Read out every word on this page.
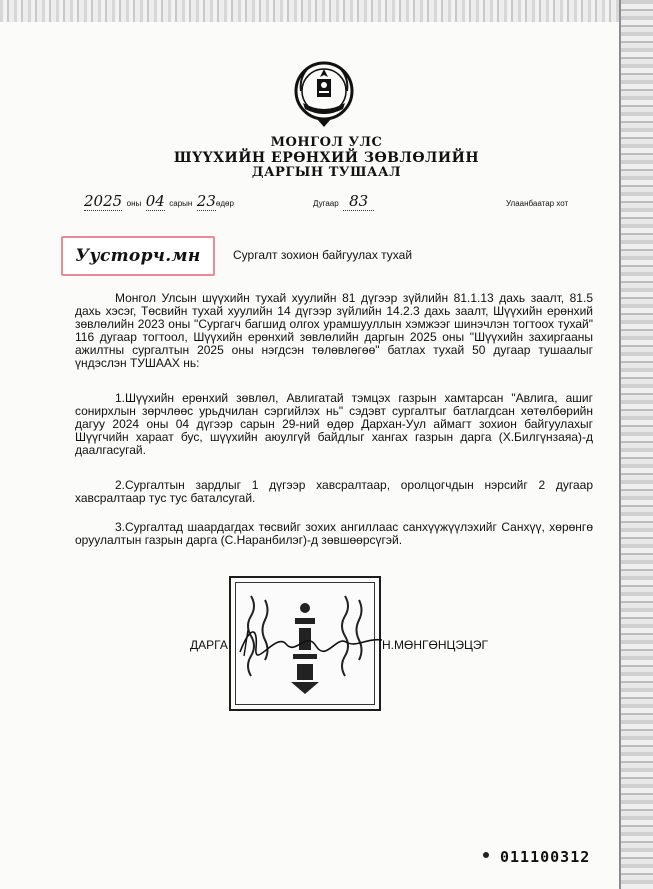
МОНГОЛ УЛС
ШҮҮХИЙН ЕРӨНХИЙ ЗӨВЛӨЛИЙН
ДАРГЫН ТУШААЛ
2025 оны 04 сарын 23өдөр	Дугаар 83	Улаанбаатар хот
Уусторч.мн	Сургалт зохион байгуулах тухай
Монгол Улсын шүүхийн тухай хуулийн 81 дүгээр зүйлийн 81.1.13 дахь заалт, 81.5 дахь хэсэг, Төсвийн тухай хуулийн 14 дүгээр зүйлийн 14.2.3 дахь заалт, Шүүхийн ерөнхий зөвлөлийн 2023 оны "Сургагч багшид олгох урамшууллын хэмжээг шинэчлэн тогтоох тухай" 116 дугаар тогтоол, Шүүхийн ерөнхий зөвлөлийн даргын 2025 оны "Шүүхийн захиргааны ажилтны сургалтын 2025 оны нэгдсэн төлөвлөгөө" батлах тухай 50 дугаар тушаалыг үндэслэн ТУШААХ нь:
1.Шүүхийн ерөнхий зөвлөл, Авлигатай тэмцэх газрын хамтарсан "Авлига, ашиг сонирхлын зөрчлөөс урьдчилан сэргийлэх нь" сэдэвт сургалтыг батлагдсан хөтөлбөрийн дагуу 2024 оны 04 дүгээр сарын 29-ний өдөр Дархан-Уул аймагт зохион байгуулахыг Шүүгчийн хараат бус, шүүхийн аюулгүй байдлыг хангах газрын дарга (Х.Билгүнзаяа)-д даалгасугай.
2.Сургалтын зардлыг 1 дүгээр хавсралтаар, оролцогчдын нэрсийг 2 дугаар хавсралтаар тус тус баталсугай.
3.Сургалтад шаардагдах төсвийг зохих ангиллаас санхүүжүүлэхийг Санхүү, хөрөнгө оруулалтын газрын дарга (С.Наранбилэг)-д зөвшөөрсүгэй.
ДАРГА	Н.МӨНГӨНЦЭЦЭГ
011100312
